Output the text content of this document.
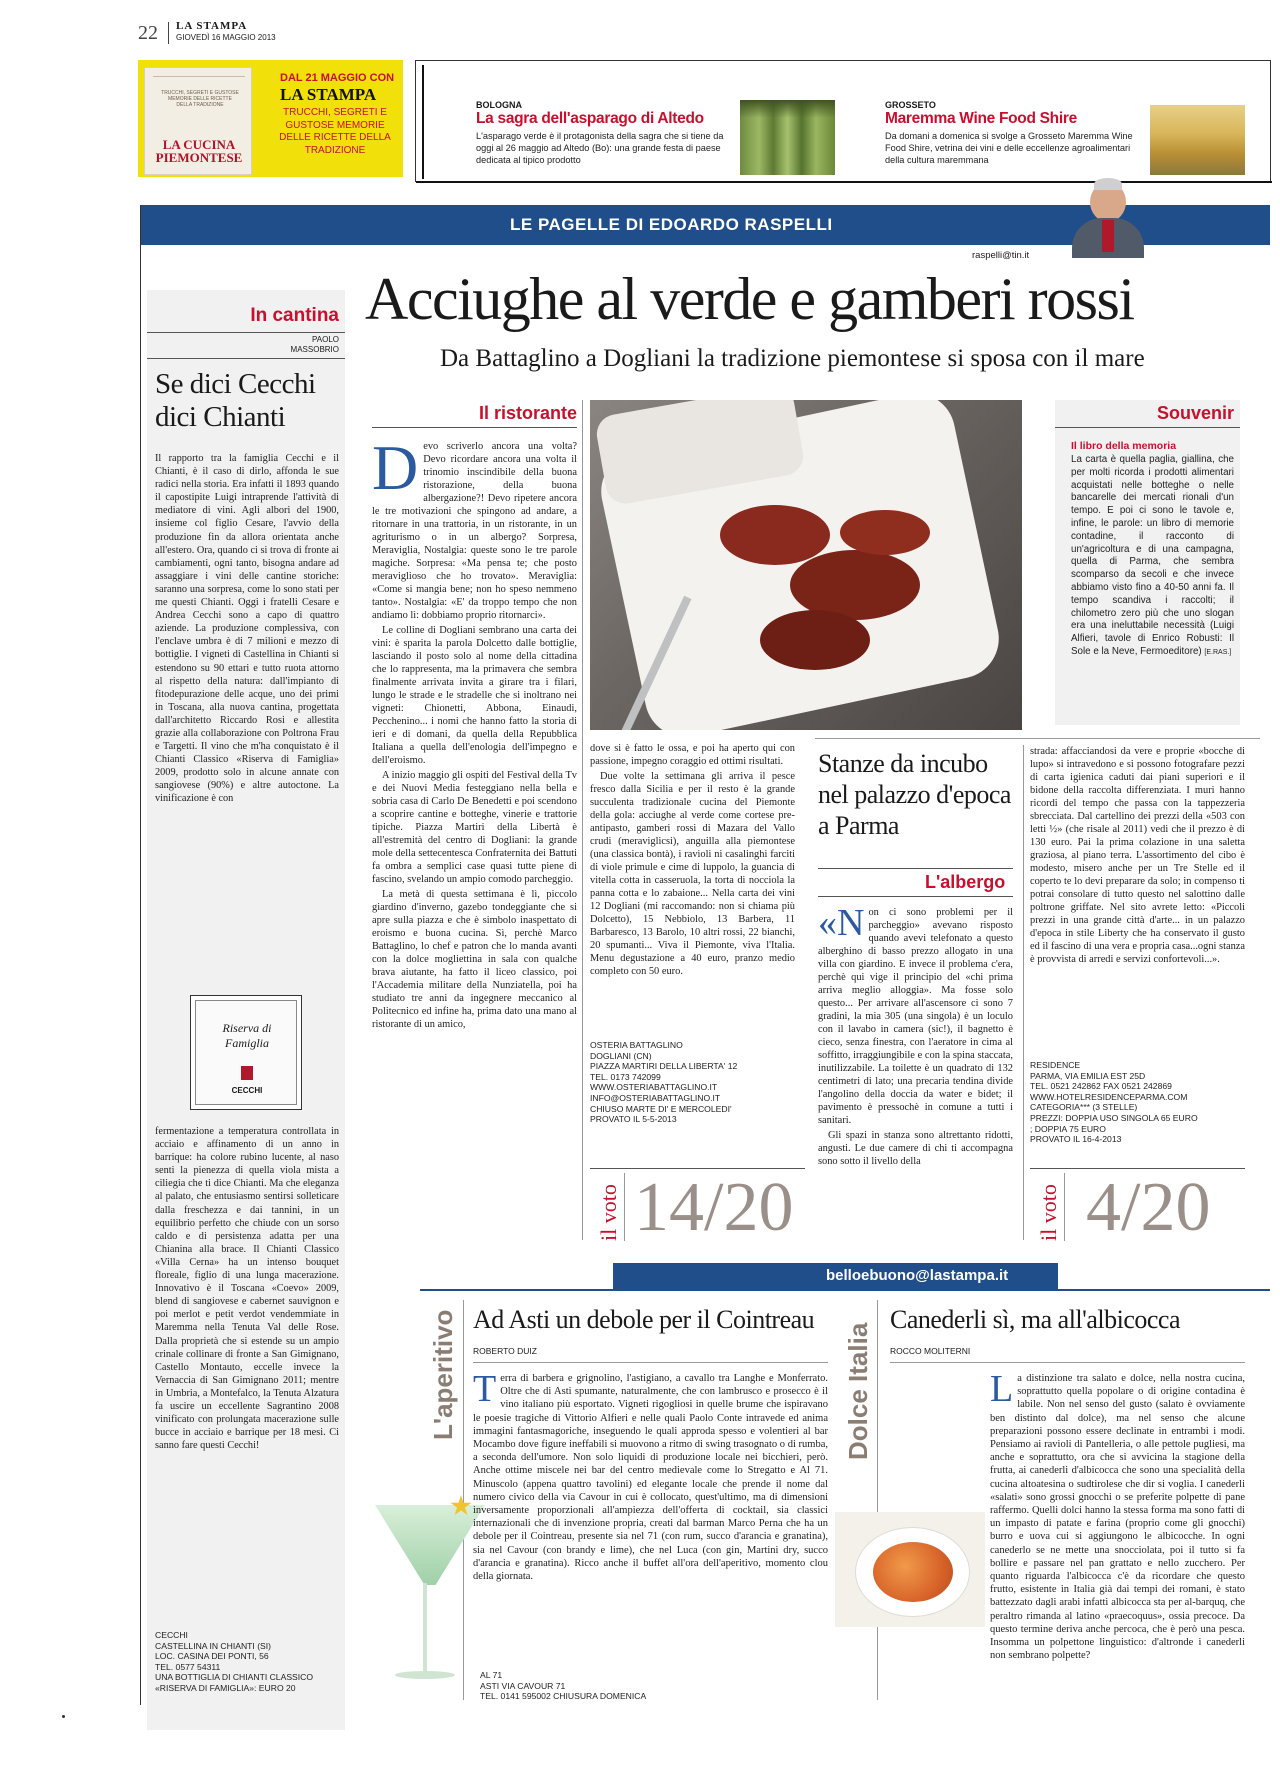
22 LA STAMPA
GIOVEDÌ 16 MAGGIO 2013
TRUCCHI, SEGRETI E GUSTOSE MEMORIE DELLE RICETTE DELLA TRADIZIONE
LA CUCINA PIEMONTESE
DAL 21 MAGGIO CON
LA STAMPA
TRUCCHI, SEGRETI E GUSTOSE MEMORIE DELLE RICETTE DELLA TRADIZIONE
BOLOGNA
La sagra dell'asparago di Altedo
L'asparago verde è il protagonista della sagra che si tiene da oggi al 26 maggio ad Altedo (Bo): una grande festa di paese dedicata al tipico prodotto
GROSSETO
Maremma Wine Food Shire
Da domani a domenica si svolge a Grosseto Maremma Wine Food Shire, vetrina dei vini e delle eccellenze agroalimentari della cultura maremmana
LE PAGELLE DI EDOARDO RASPELLI
raspelli@tin.it
Acciughe al verde e gamberi rossi
Da Battaglino a Dogliani la tradizione piemontese si sposa con il mare
In cantina
PAOLO MASSOBRIO
Se dici Cecchi dici Chianti
Il rapporto tra la famiglia Cecchi e il Chianti, è il caso di dirlo, affonda le sue radici nella storia. Era infatti il 1893 quando il capostipite Luigi intraprende l'attività di mediatore di vini. Agli albori del 1900, insieme col figlio Cesare, l'avvio della produzione fin da allora orientata anche all'estero. Ora, quando ci si trova di fronte ai cambiamenti, ogni tanto, bisogna andare ad assaggiare i vini delle cantine storiche: saranno una sorpresa, come lo sono stati per me questi Chianti. Oggi i fratelli Cesare e Andrea Cecchi sono a capo di quattro aziende. La produzione complessiva, con l'enclave umbra è di 7 milioni e mezzo di bottiglie. I vigneti di Castellina in Chianti si estendono su 90 ettari e tutto ruota attorno al rispetto della natura: dall'impianto di fitodepurazione delle acque, uno dei primi in Toscana, alla nuova cantina, progettata dall'architetto Riccardo Rosi e allestita grazie alla collaborazione con Poltrona Frau e Targetti. Il vino che m'ha conquistato è il Chianti Classico «Riserva di Famiglia» 2009, prodotto solo in alcune annate con sangiovese (90%) e altre autoctone. La vinificazione è con
Riserva di Famiglia
CECCHI
fermentazione a temperatura controllata in acciaio e affinamento di un anno in barrique: ha colore rubino lucente, al naso senti la pienezza di quella viola mista a ciliegia che ti dice Chianti. Ma che eleganza al palato, che entusiasmo sentirsi solleticare dalla freschezza e dai tannini, in un equilibrio perfetto che chiude con un sorso caldo e di persistenza adatta per una Chianina alla brace. Il Chianti Classico «Villa Cerna» ha un intenso bouquet floreale, figlio di una lunga macerazione. Innovativo è il Toscana «Coevo» 2009, blend di sangiovese e cabernet sauvignon e poi merlot e petit verdot vendemmiate in Maremma nella Tenuta Val delle Rose. Dalla proprietà che si estende su un ampio crinale collinare di fronte a San Gimignano, Castello Montauto, eccelle invece la Vernaccia di San Gimignano 2011; mentre in Umbria, a Montefalco, la Tenuta Alzatura fa uscire un eccellente Sagrantino 2008 vinificato con prolungata macerazione sulle bucce in acciaio e barrique per 18 mesi. Ci sanno fare questi Cecchi!
CECCHI
CASTELLINA IN CHIANTI (SI)
LOC. CASINA DEI PONTI, 56
TEL. 0577 54311
UNA BOTTIGLIA DI CHIANTI CLASSICO «RISERVA DI FAMIGLIA»: EURO 20
Il ristorante

Devo scriverlo ancora una volta? Devo ricordare ancora una volta il trinomio inscindibile della buona ristorazione, della buona albergazione?! Devo ripetere ancora le tre motivazioni che spingono ad andare, a ritornare in una trattoria, in un ristorante, in un agriturismo o in un albergo? Sorpresa, Meraviglia, Nostalgia: queste sono le tre parole magiche. Sorpresa: «Ma pensa te; che posto meraviglioso che ho trovato». Meraviglia: «Come si mangia bene; non ho speso nemmeno tanto». Nostalgia: «E' da troppo tempo che non andiamo lì: dobbiamo proprio ritornarci».

Le colline di Dogliani sembrano una carta dei vini: è sparita la parola Dolcetto dalle bottiglie, lasciando il posto solo al nome della cittadina che lo rappresenta, ma la primavera che sembra finalmente arrivata invita a girare tra i filari, lungo le strade e le stradelle che si inoltrano nei vigneti: Chionetti, Abbona, Einaudi, Pecchenino... i nomi che hanno fatto la storia di ieri e di domani, da quella della Repubblica Italiana a quella dell'enologia dell'impegno e dell'eroismo.

A inizio maggio gli ospiti del Festival della Tv e dei Nuovi Media festeggiano nella bella e sobria casa di Carlo De Benedetti e poi scendono a scoprire cantine e botteghe, vinerie e trattorie tipiche. Piazza Martiri della Libertà è all'estremità del centro di Dogliani: la grande mole della settecentesca Confraternita dei Battuti fa ombra a semplici case quasi tutte piene di fascino, svelando un ampio comodo parcheggio.

La metà di questa settimana è lì, piccolo giardino d'inverno, gazebo tondeggiante che si apre sulla piazza e che è simbolo inaspettato di eroismo e buona cucina. Sì, perchè Marco Battaglino, lo chef e patron che lo manda avanti con la dolce mogliettina in sala con qualche brava aiutante, ha fatto il liceo classico, poi l'Accademia militare della Nunziatella, poi ha studiato tre anni da ingegnere meccanico al Politecnico ed infine ha, prima dato una mano al ristorante di un amico,

dove si è fatto le ossa, e poi ha aperto qui con passione, impegno coraggio ed ottimi risultati.

Due volte la settimana gli arriva il pesce fresco dalla Sicilia e per il resto è la grande succulenta tradizionale cucina del Piemonte della gola: acciughe al verde come cortese pre-antipasto, gamberi rossi di Mazara del Vallo crudi (meraviglicsi), anguilla alla piemontese (una classica bontà), i ravioli ni casalinghi farciti di viole primule e cime di luppolo, la guancia di vitella cotta in casseruola, la torta di nocciola la panna cotta e lo zabaione... Nella carta dei vini 12 Dogliani (mi raccomando: non si chiama più Dolcetto), 15 Nebbiolo, 13 Barbera, 11 Barbaresco, 13 Barolo, 10 altri rossi, 22 bianchi, 20 spumanti... Viva il Piemonte, viva l'Italia. Menu degustazione a 40 euro, pranzo medio completo con 50 euro.

OSTERIA BATTAGLINO
DOGLIANI (CN)
PIAZZA MARTIRI DELLA LIBERTA' 12
TEL. 0173 742099
WWW.OSTERIABATTAGLINO.IT
INFO@OSTERIABATTAGLINO.IT
CHIUSO MARTE DI' E MERCOLEDI'
PROVATO IL 5-5-2013
il voto 14/20
Souvenir
Il libro della memoria
La carta è quella paglia, giallina, che per molti ricorda i prodotti alimentari acquistati nelle botteghe o nelle bancarelle dei mercati rionali d'un tempo. E poi ci sono le tavole e, infine, le parole: un libro di memorie contadine, il racconto di un'agricoltura e di una campagna, quella di Parma, che sembra scomparso da secoli e che invece abbiamo visto fino a 40-50 anni fa. Il tempo scandiva i raccolti; il chilometro zero più che uno slogan era una ineluttabile necessità (Luigi Alfieri, tavole di Enrico Robusti: Il Sole e la Neve, Fermoeditore) [E.RAS.]
Stanze da incubo nel palazzo d'epoca a Parma
L'albergo

«Non ci sono problemi per il parcheggio» avevano risposto quando avevi telefonato a questo alberghino di basso prezzo allogato in una villa con giardino. E invece il problema c'era, perchè qui vige il principio del «chi prima arriva meglio alloggia». Ma fosse solo questo... Per arrivare all'ascensore ci sono 7 gradini, la mia 305 (una singola) è un loculo con il lavabo in camera (sic!), il bagnetto è cieco, senza finestra, con l'aeratore in cima al soffitto, irraggiungibile e con la spina staccata, inutilizzabile. La toilette è un quadrato di 132 centimetri di lato; una precaria tendina divide l'angolino della doccia da water e bidet; il pavimento è pressochè in comune a tutti i sanitari.

Gli spazi in stanza sono altrettanto ridotti, angusti. Le due camere di chi ti accompagna sono sotto il livello della

strada: affacciandosi da vere e proprie «bocche di lupo» si intravedono e si possono fotografare pezzi di carta igienica caduti dai piani superiori e il bidone della raccolta differenziata. I muri hanno ricordi del tempo che passa con la tappezzeria sbrecciata. Dal cartellino dei prezzi della «503 con letti ½» (che risale al 2011) vedi che il prezzo è di 130 euro. Pai la prima colazione in una saletta graziosa, al piano terra. L'assortimento del cibo è modesto, misero anche per un Tre Stelle ed il coperto te lo devi preparare da solo; in compenso ti potrai consolare di tutto questo nel salottino dalle poltrone griffate. Nel sito avrete letto: «Piccoli prezzi in una grande città d'arte... in un palazzo d'epoca in stile Liberty che ha conservato il gusto ed il fascino di una vera e propria casa...ogni stanza è provvista di arredi e servizi confortevoli...».

RESIDENCE
PARMA, VIA EMILIA EST 25D
TEL. 0521 242862 FAX 0521 242869
WWW.HOTELRESIDENCEPARMA.COM
CATEGORIA*** (3 STELLE)
PREZZI: DOPPIA USO SINGOLA 65 EURO
; DOPPIA 75 EURO
PROVATO IL 16-4-2013
il voto 4/20
belloebuono@lastampa.it
L'aperitivo Ad Asti un debole per il Cointreau
ROBERTO DUIZ

Terra di barbera e grignolino, l'astigiano, a cavallo tra Langhe e Monferrato. Oltre che di Asti spumante, naturalmente, che con lambrusco e prosecco è il vino italiano più esportato. Vigneti rigogliosi in quelle brume che ispiravano le poesie tragiche di Vittorio Alfieri e nelle quali Paolo Conte intravede ed anima immagini fantasmagoriche, inseguendo le quali approda spesso e volentieri al bar Mocambo dove figure ineffabili si muovono a ritmo di swing trasognato o di rumba, a seconda dell'umore. Non solo liquidi di produzione locale nei bicchieri, però. Anche ottime miscele nei bar del centro medievale come lo Stregatto e Al 71. Minuscolo (appena quattro tavolini) ed elegante locale che prende il nome dal numero civico della via Cavour in cui è collocato, quest'ultimo, ma di dimensioni inversamente proporzionali all'ampiezza dell'offerta di cocktail, sia classici internazionali che di invenzione propria, creati dal barman Marco Perna che ha un debole per il Cointreau, presente sia nel 71 (con rum, succo d'arancia e granatina), sia nel Cavour (con brandy e lime), che nel Luca (con gin, Martini dry, succo d'arancia e granatina). Ricco anche il buffet all'ora dell'aperitivo, momento clou della giornata.

AL 71
ASTI VIA CAVOUR 71
TEL. 0141 595002 CHIUSURA DOMENICA
Dolce Italia
Canederli sì, ma all'albicocca
ROCCO MOLITERNI

La distinzione tra salato e dolce, nella nostra cucina, soprattutto quella popolare o di origine contadina è labile. Non nel senso del gusto (salato è ovviamente ben distinto dal dolce), ma nel senso che alcune preparazioni possono essere declinate in entrambi i modi. Pensiamo ai ravioli di Pantelleria, o alle pettole pugliesi, ma anche e soprattutto, ora che si avvicina la stagione della frutta, ai canederli d'albicocca che sono una specialità della cucina altoatesina o sudtirolese che dir si voglia. I canederli «salati» sono grossi gnocchi o se preferite polpette di pane raffermo. Quelli dolci hanno la stessa forma ma sono fatti di un impasto di patate e farina (proprio come gli gnocchi) burro e uova cui si aggiungono le albicocche. In ogni canederlo se ne mette una snocciolata, poi il tutto si fa bollire e passare nel pan grattato e nello zucchero. Per quanto riguarda l'albicocca c'è da ricordare che questo frutto, esistente in Italia già dai tempi dei romani, è stato battezzato dagli arabi infatti albicocca sta per al-barquq, che peraltro rimanda al latino «praecoquus», ossia precoce. Da questo termine deriva anche percoca, che è però una pesca. Insomma un polpettone linguistico: d'altronde i canederli non sembrano polpette?
